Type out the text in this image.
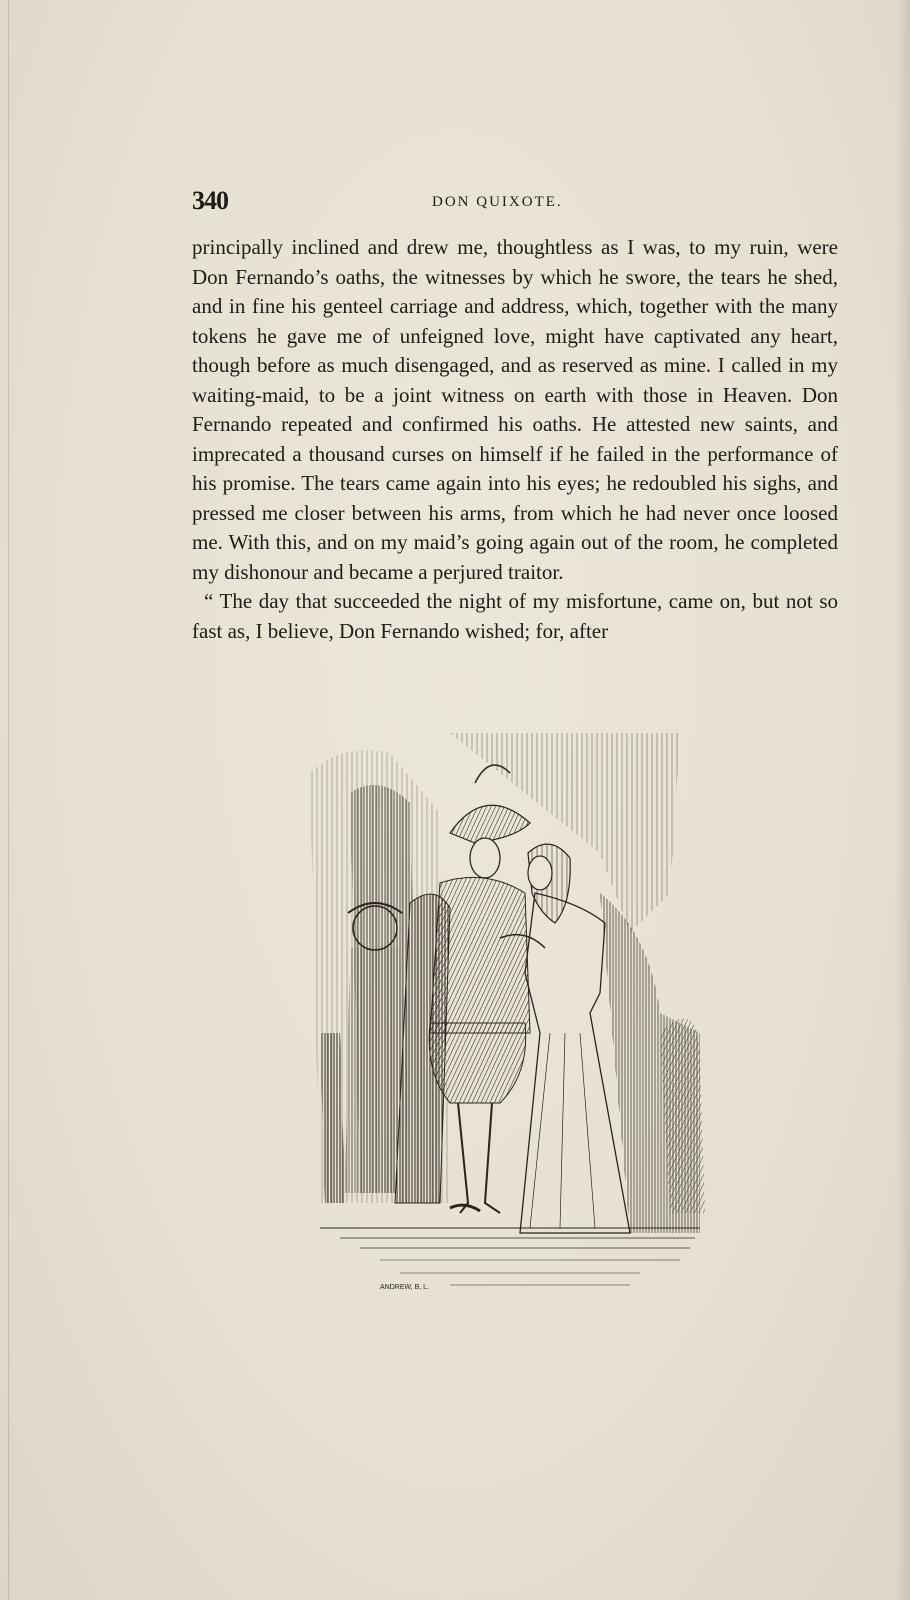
340	DON QUIXOTE.

principally inclined and drew me, thoughtless as I was, to my ruin, were Don Fernando’s oaths, the witnesses by which he swore, the tears he shed, and in fine his genteel carriage and address, which, together with the many tokens he gave me of unfeigned love, might have captivated any heart, though before as much disengaged, and as reserved as mine. I called in my waiting-maid, to be a joint witness on earth with those in Heaven. Don Fernando repeated and confirmed his oaths. He attested new saints, and imprecated a thousand curses on himself if he failed in the performance of his promise. The tears came again into his eyes; he redoubled his sighs, and pressed me closer between his arms, from which he had never once loosed me. With this, and on my maid’s going again out of the room, he completed my dishonour and became a perjured traitor.

“ The day that succeeded the night of my misfortune, came on, but not so fast as, I believe, Don Fernando wished; for, after

ANDREW, B, L.
